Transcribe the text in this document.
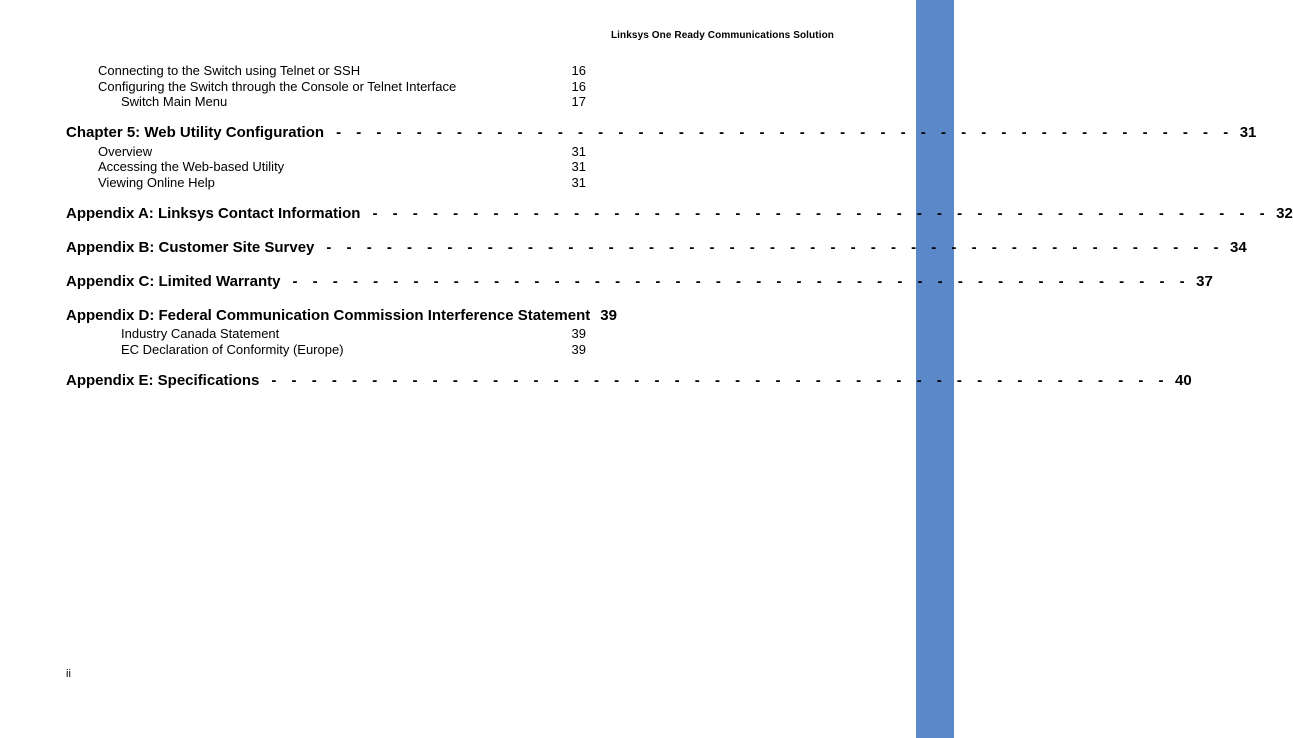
Linksys One Ready Communications Solution
Connecting to the Switch using Telnet or SSH	16
Configuring the Switch through the Console or Telnet Interface	16
Switch Main Menu	17
Chapter 5: Web Utility Configuration - - - - - - - - - - - - - - - - - - - - - - - - - - - - - - - - - - - - - - - - - - - - - 31
Overview	31
Accessing the Web-based Utility	31
Viewing Online Help	31
Appendix A: Linksys Contact Information - - - - - - - - - - - - - - - - - - - - - - - - - - - - - - - - - - - - - - - - - - - - - 32
Appendix B: Customer Site Survey - - - - - - - - - - - - - - - - - - - - - - - - - - - - - - - - - - - - - - - - - - - - - 34
Appendix C: Limited Warranty - - - - - - - - - - - - - - - - - - - - - - - - - - - - - - - - - - - - - - - - - - - - - 37
Appendix D: Federal Communication Commission Interference Statement 39
Industry Canada Statement	39
EC Declaration of Conformity (Europe)	39
Appendix E: Specifications - - - - - - - - - - - - - - - - - - - - - - - - - - - - - - - - - - - - - - - - - - - - - 40
ii
